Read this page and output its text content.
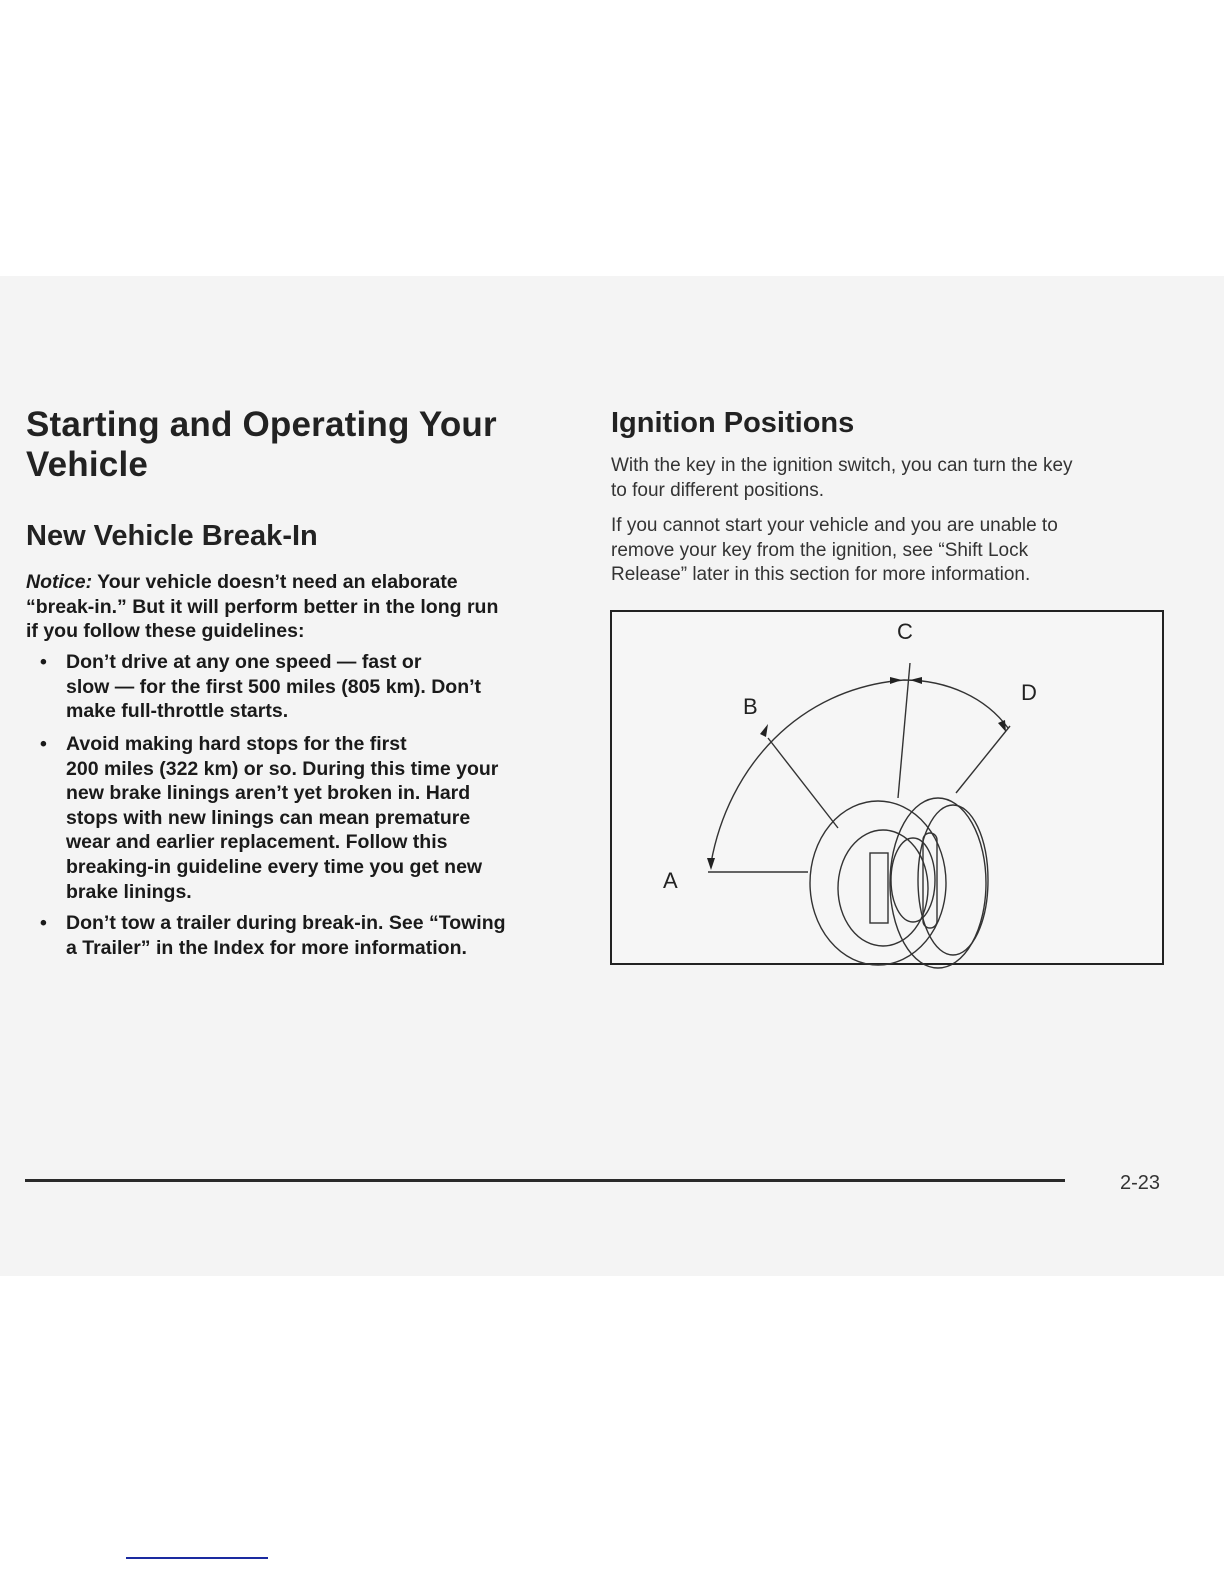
Starting and Operating Your
Vehicle
New Vehicle Break-In
Notice: Your vehicle doesn’t need an elaborate
“break-in.” But it will perform better in the long run
if you follow these guidelines:
• Don’t drive at any one speed — fast or
slow — for the first 500 miles (805 km). Don’t
make full-throttle starts.
• Avoid making hard stops for the first
200 miles (322 km) or so. During this time your
new brake linings aren’t yet broken in. Hard
stops with new linings can mean premature
wear and earlier replacement. Follow this
breaking-in guideline every time you get new
brake linings.
• Don’t tow a trailer during break-in. See “Towing
a Trailer” in the Index for more information.
Ignition Positions
With the key in the ignition switch, you can turn the key
to four different positions.
If you cannot start your vehicle and you are unable to
remove your key from the ignition, see “Shift Lock
Release” later in this section for more information.
A
B
C
D
2-23
